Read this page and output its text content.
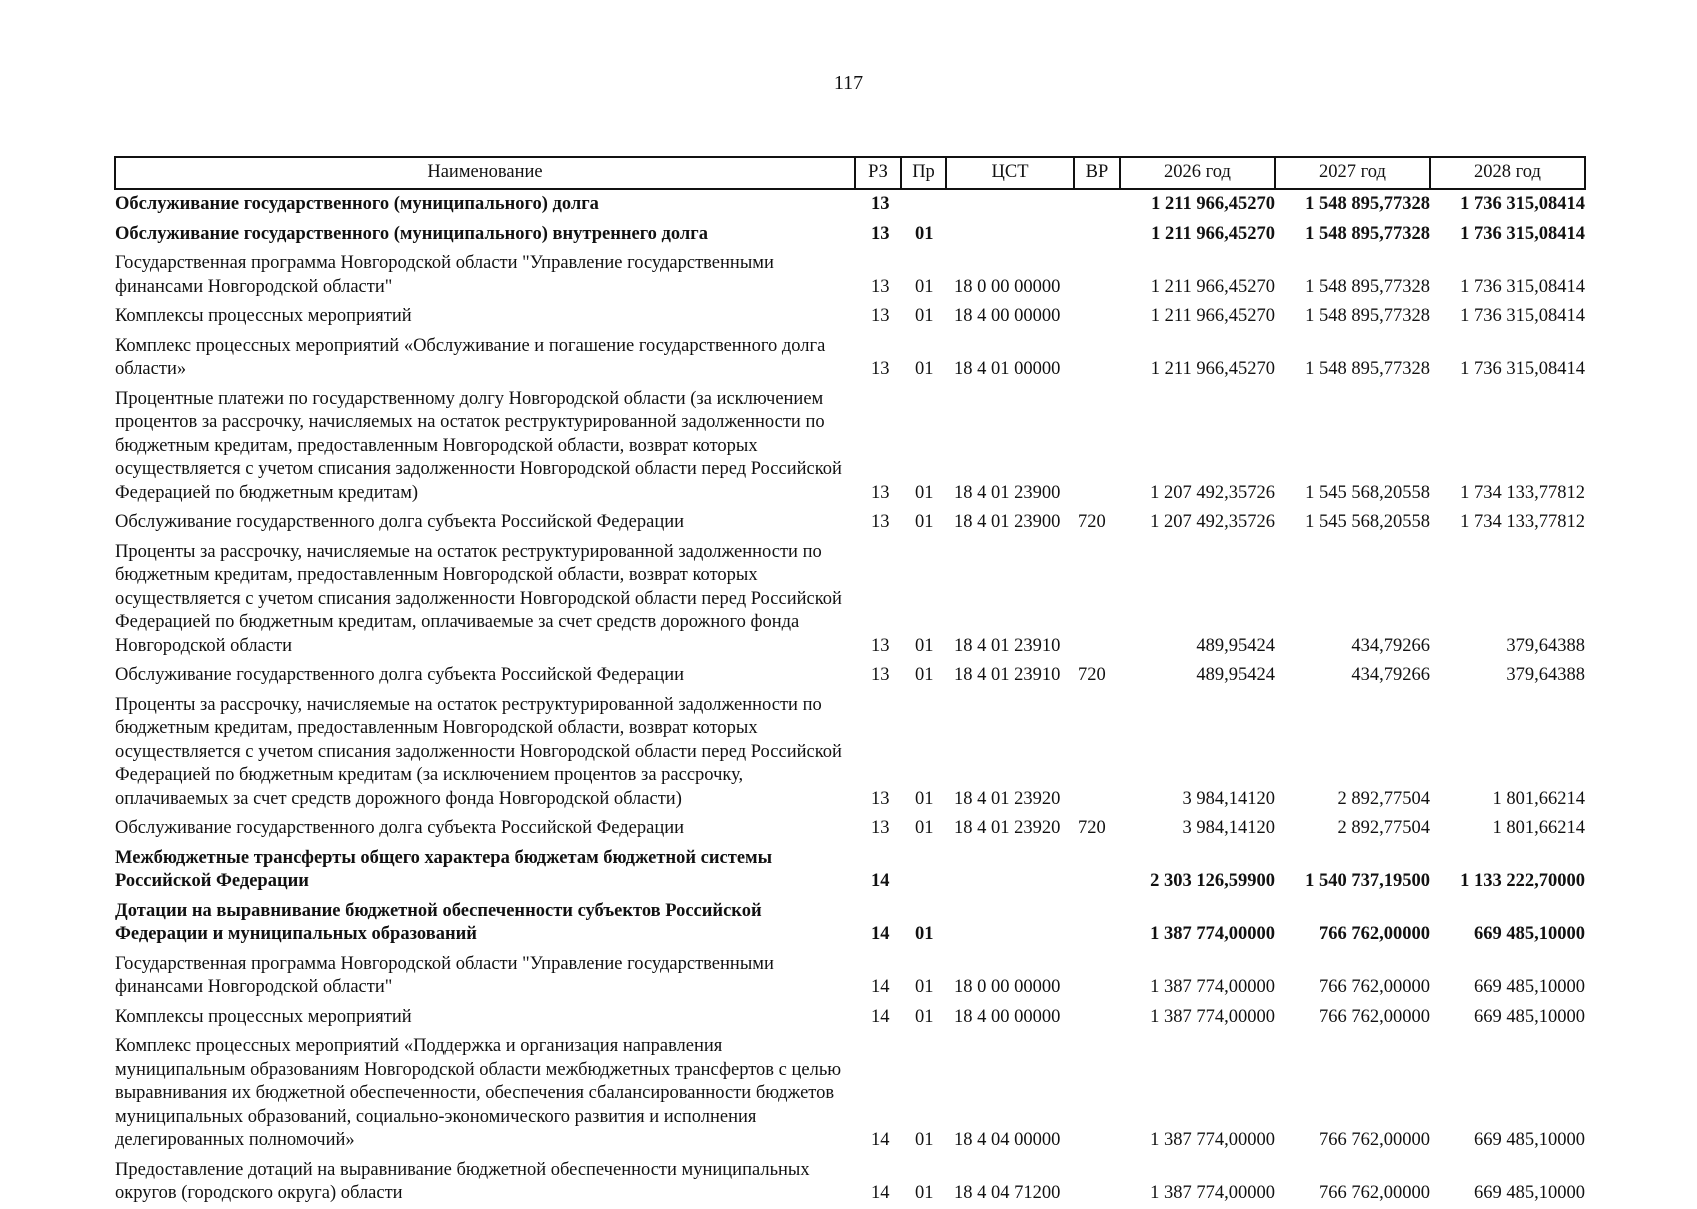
117
Наименование	РЗ	Пр	ЦСТ	ВР	2026 год	2027 год	2028 год
Обслуживание государственного (муниципального) долга	13				1 211 966,45270	1 548 895,77328	1 736 315,08414
Обслуживание государственного (муниципального) внутреннего долга	13	01			1 211 966,45270	1 548 895,77328	1 736 315,08414
Государственная программа Новгородской области "Управление государственными финансами Новгородской области"	13	01	18 0 00 00000		1 211 966,45270	1 548 895,77328	1 736 315,08414
Комплексы процессных мероприятий	13	01	18 4 00 00000		1 211 966,45270	1 548 895,77328	1 736 315,08414
Комплекс процессных мероприятий «Обслуживание и погашение государственного долга области»	13	01	18 4 01 00000		1 211 966,45270	1 548 895,77328	1 736 315,08414
Процентные платежи по государственному долгу Новгородской области (за исключением процентов за рассрочку, начисляемых на остаток реструктурированной задолженности по бюджетным кредитам, предоставленным Новгородской области, возврат которых осуществляется с учетом списания задолженности Новгородской области перед Российской Федерацией по бюджетным кредитам)	13	01	18 4 01 23900		1 207 492,35726	1 545 568,20558	1 734 133,77812
Обслуживание государственного долга субъекта Российской Федерации	13	01	18 4 01 23900	720	1 207 492,35726	1 545 568,20558	1 734 133,77812
Проценты за рассрочку, начисляемые на остаток реструктурированной задолженности по бюджетным кредитам, предоставленным Новгородской области, возврат которых осуществляется с учетом списания задолженности Новгородской области перед Российской Федерацией по бюджетным кредитам, оплачиваемые за счет средств дорожного фонда Новгородской области	13	01	18 4 01 23910		489,95424	434,79266	379,64388
Обслуживание государственного долга субъекта Российской Федерации	13	01	18 4 01 23910	720	489,95424	434,79266	379,64388
Проценты за рассрочку, начисляемые на остаток реструктурированной задолженности по бюджетным кредитам, предоставленным Новгородской области, возврат которых осуществляется с учетом списания задолженности Новгородской области перед Российской Федерацией по бюджетным кредитам (за исключением процентов за рассрочку, оплачиваемых за счет средств дорожного фонда Новгородской области)	13	01	18 4 01 23920		3 984,14120	2 892,77504	1 801,66214
Обслуживание государственного долга субъекта Российской Федерации	13	01	18 4 01 23920	720	3 984,14120	2 892,77504	1 801,66214
Межбюджетные трансферты общего характера бюджетам бюджетной системы Российской Федерации	14				2 303 126,59900	1 540 737,19500	1 133 222,70000
Дотации на выравнивание бюджетной обеспеченности субъектов Российской Федерации и муниципальных образований	14	01			1 387 774,00000	766 762,00000	669 485,10000
Государственная программа Новгородской области "Управление государственными финансами Новгородской области"	14	01	18 0 00 00000		1 387 774,00000	766 762,00000	669 485,10000
Комплексы процессных мероприятий	14	01	18 4 00 00000		1 387 774,00000	766 762,00000	669 485,10000
Комплекс процессных мероприятий «Поддержка и организация направления муниципальным образованиям Новгородской области межбюджетных трансфертов с целью выравнивания их бюджетной обеспеченности, обеспечения сбалансированности бюджетов муниципальных образований, социально-экономического развития и исполнения делегированных полномочий»	14	01	18 4 04 00000		1 387 774,00000	766 762,00000	669 485,10000
Предоставление дотаций на выравнивание бюджетной обеспеченности муниципальных округов (городского округа) области	14	01	18 4 04 71200		1 387 774,00000	766 762,00000	669 485,10000
